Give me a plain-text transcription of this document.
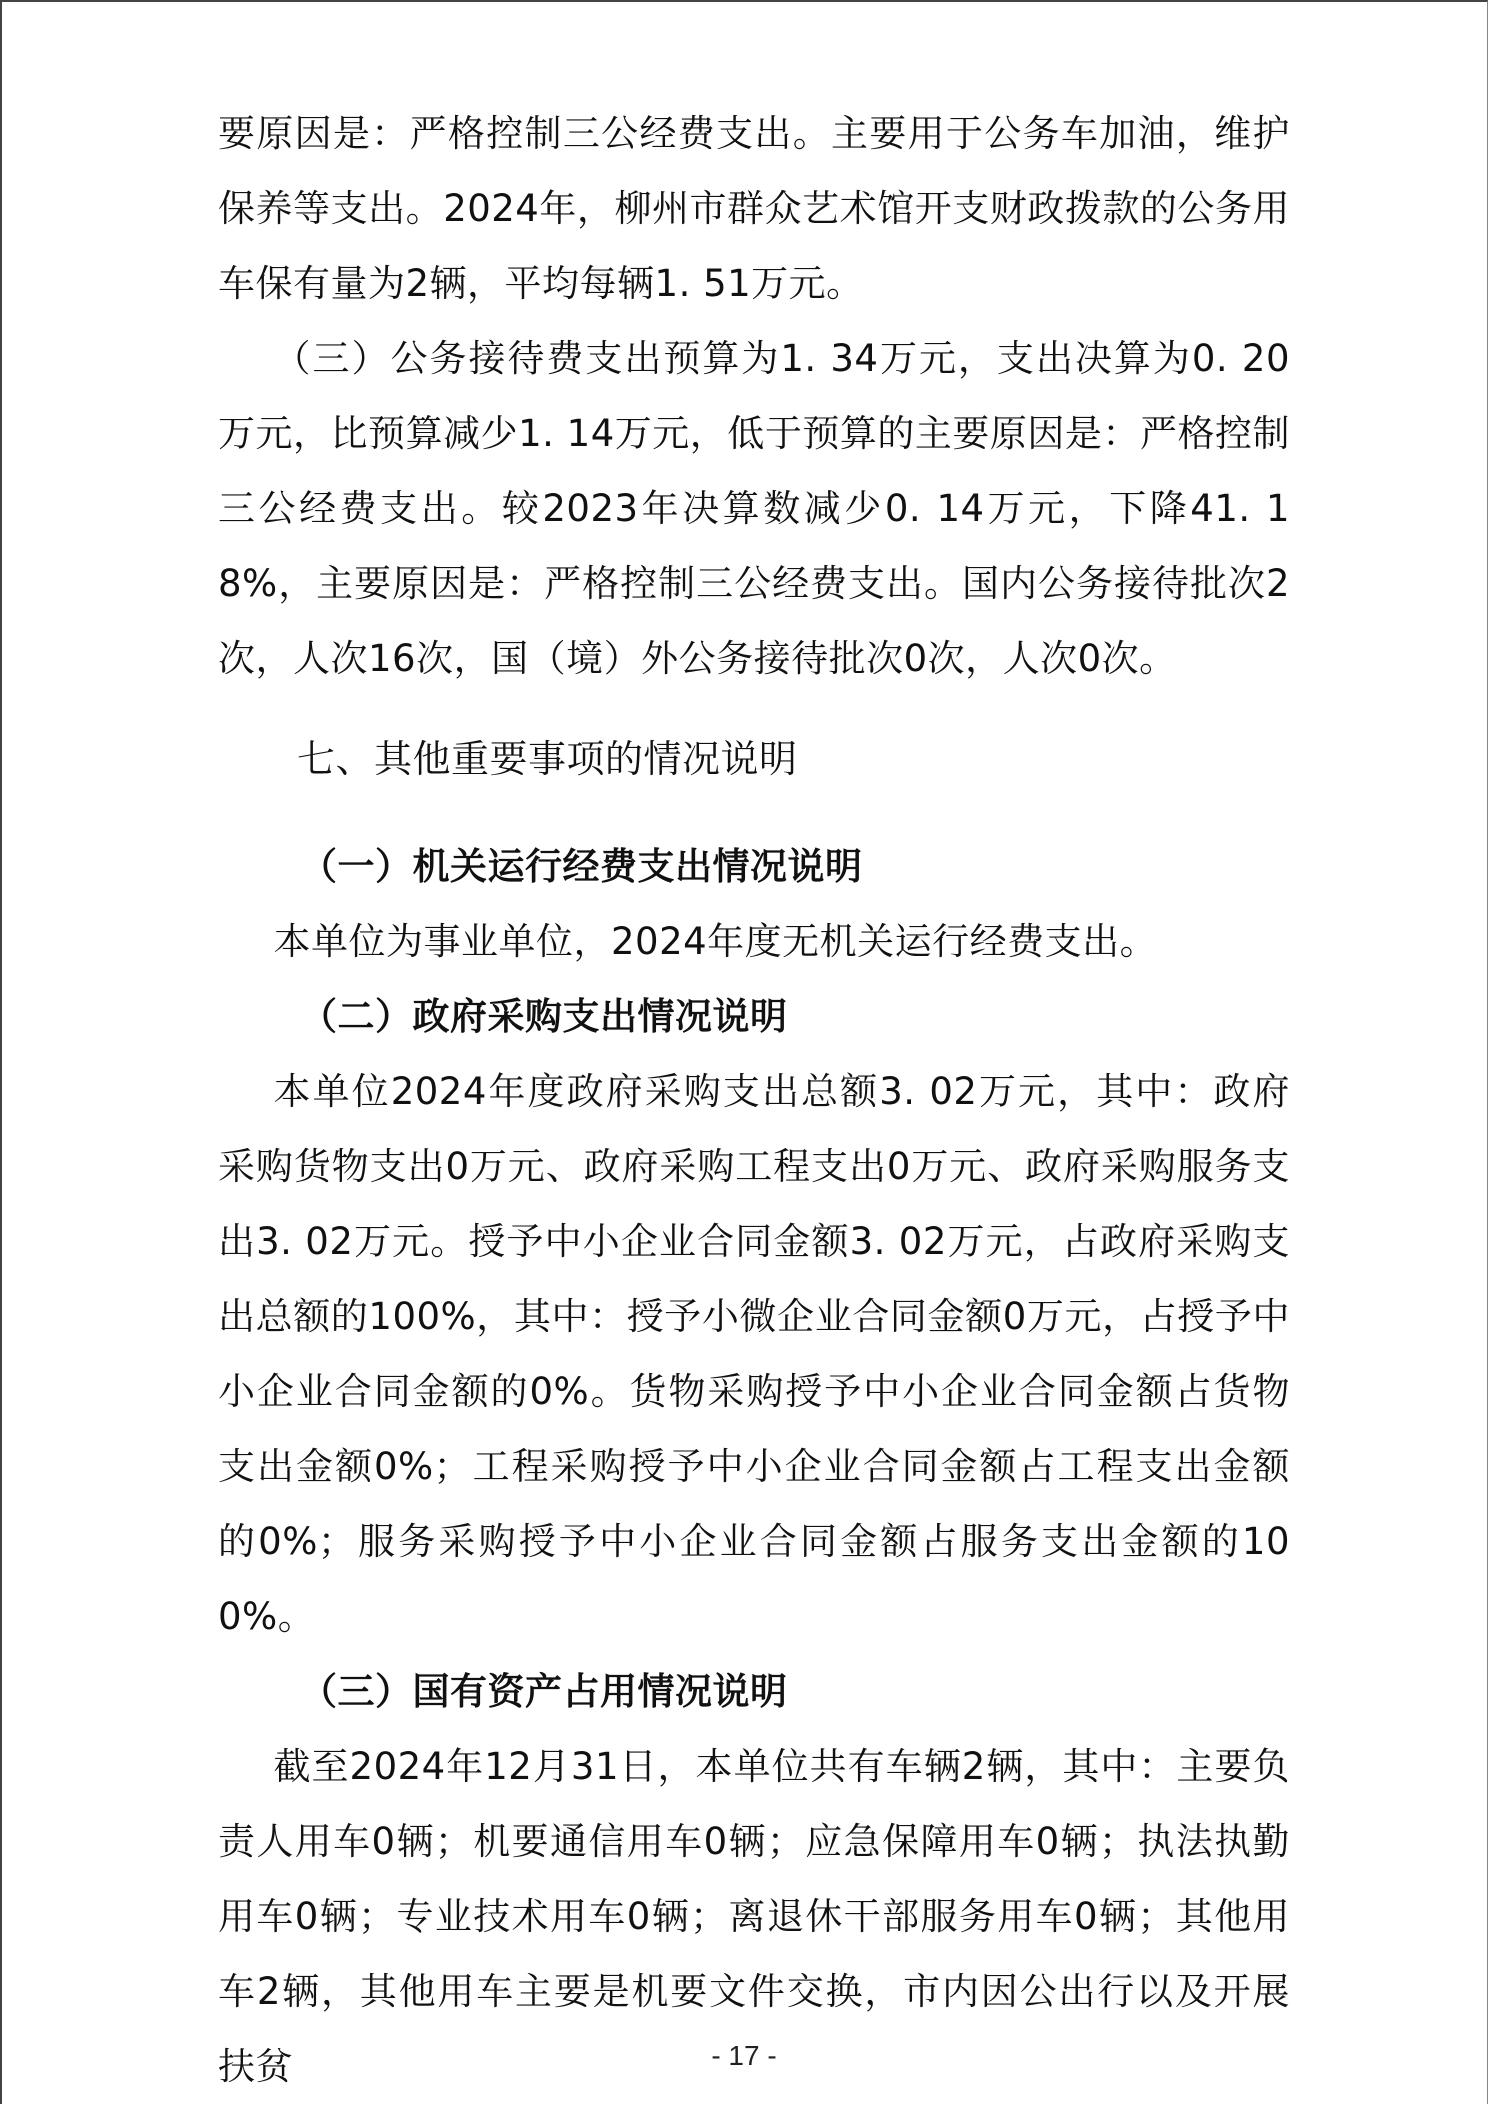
要原因是：严格控制三公经费支出。主要用于公务车加油，维护保养等支出。2024年，柳州市群众艺术馆开支财政拨款的公务用车保有量为2辆，平均每辆1. 51万元。

（三）公务接待费支出预算为1. 34万元，支出决算为0. 20万元，比预算减少1. 14万元，低于预算的主要原因是：严格控制三公经费支出。较2023年决算数减少0. 14万元，下降41. 18%，主要原因是：严格控制三公经费支出。国内公务接待批次2次，人次16次，国（境）外公务接待批次0次，人次0次。

七、其他重要事项的情况说明
（一）机关运行经费支出情况说明

本单位为事业单位，2024年度无机关运行经费支出。

（二）政府采购支出情况说明

本单位2024年度政府采购支出总额3. 02万元，其中：政府采购货物支出0万元、政府采购工程支出0万元、政府采购服务支出3. 02万元。授予中小企业合同金额3. 02万元，占政府采购支出总额的100%，其中：授予小微企业合同金额0万元，占授予中小企业合同金额的0%。货物采购授予中小企业合同金额占货物支出金额0%；工程采购授予中小企业合同金额占工程支出金额的0%；服务采购授予中小企业合同金额占服务支出金额的100%。

（三）国有资产占用情况说明

截至2024年12月31日，本单位共有车辆2辆，其中：主要负责人用车0辆；机要通信用车0辆；应急保障用车0辆；执法执勤用车0辆；专业技术用车0辆；离退休干部服务用车0辆；其他用车2辆，其他用车主要是机要文件交换，市内因公出行以及开展扶贫	- 17 -
